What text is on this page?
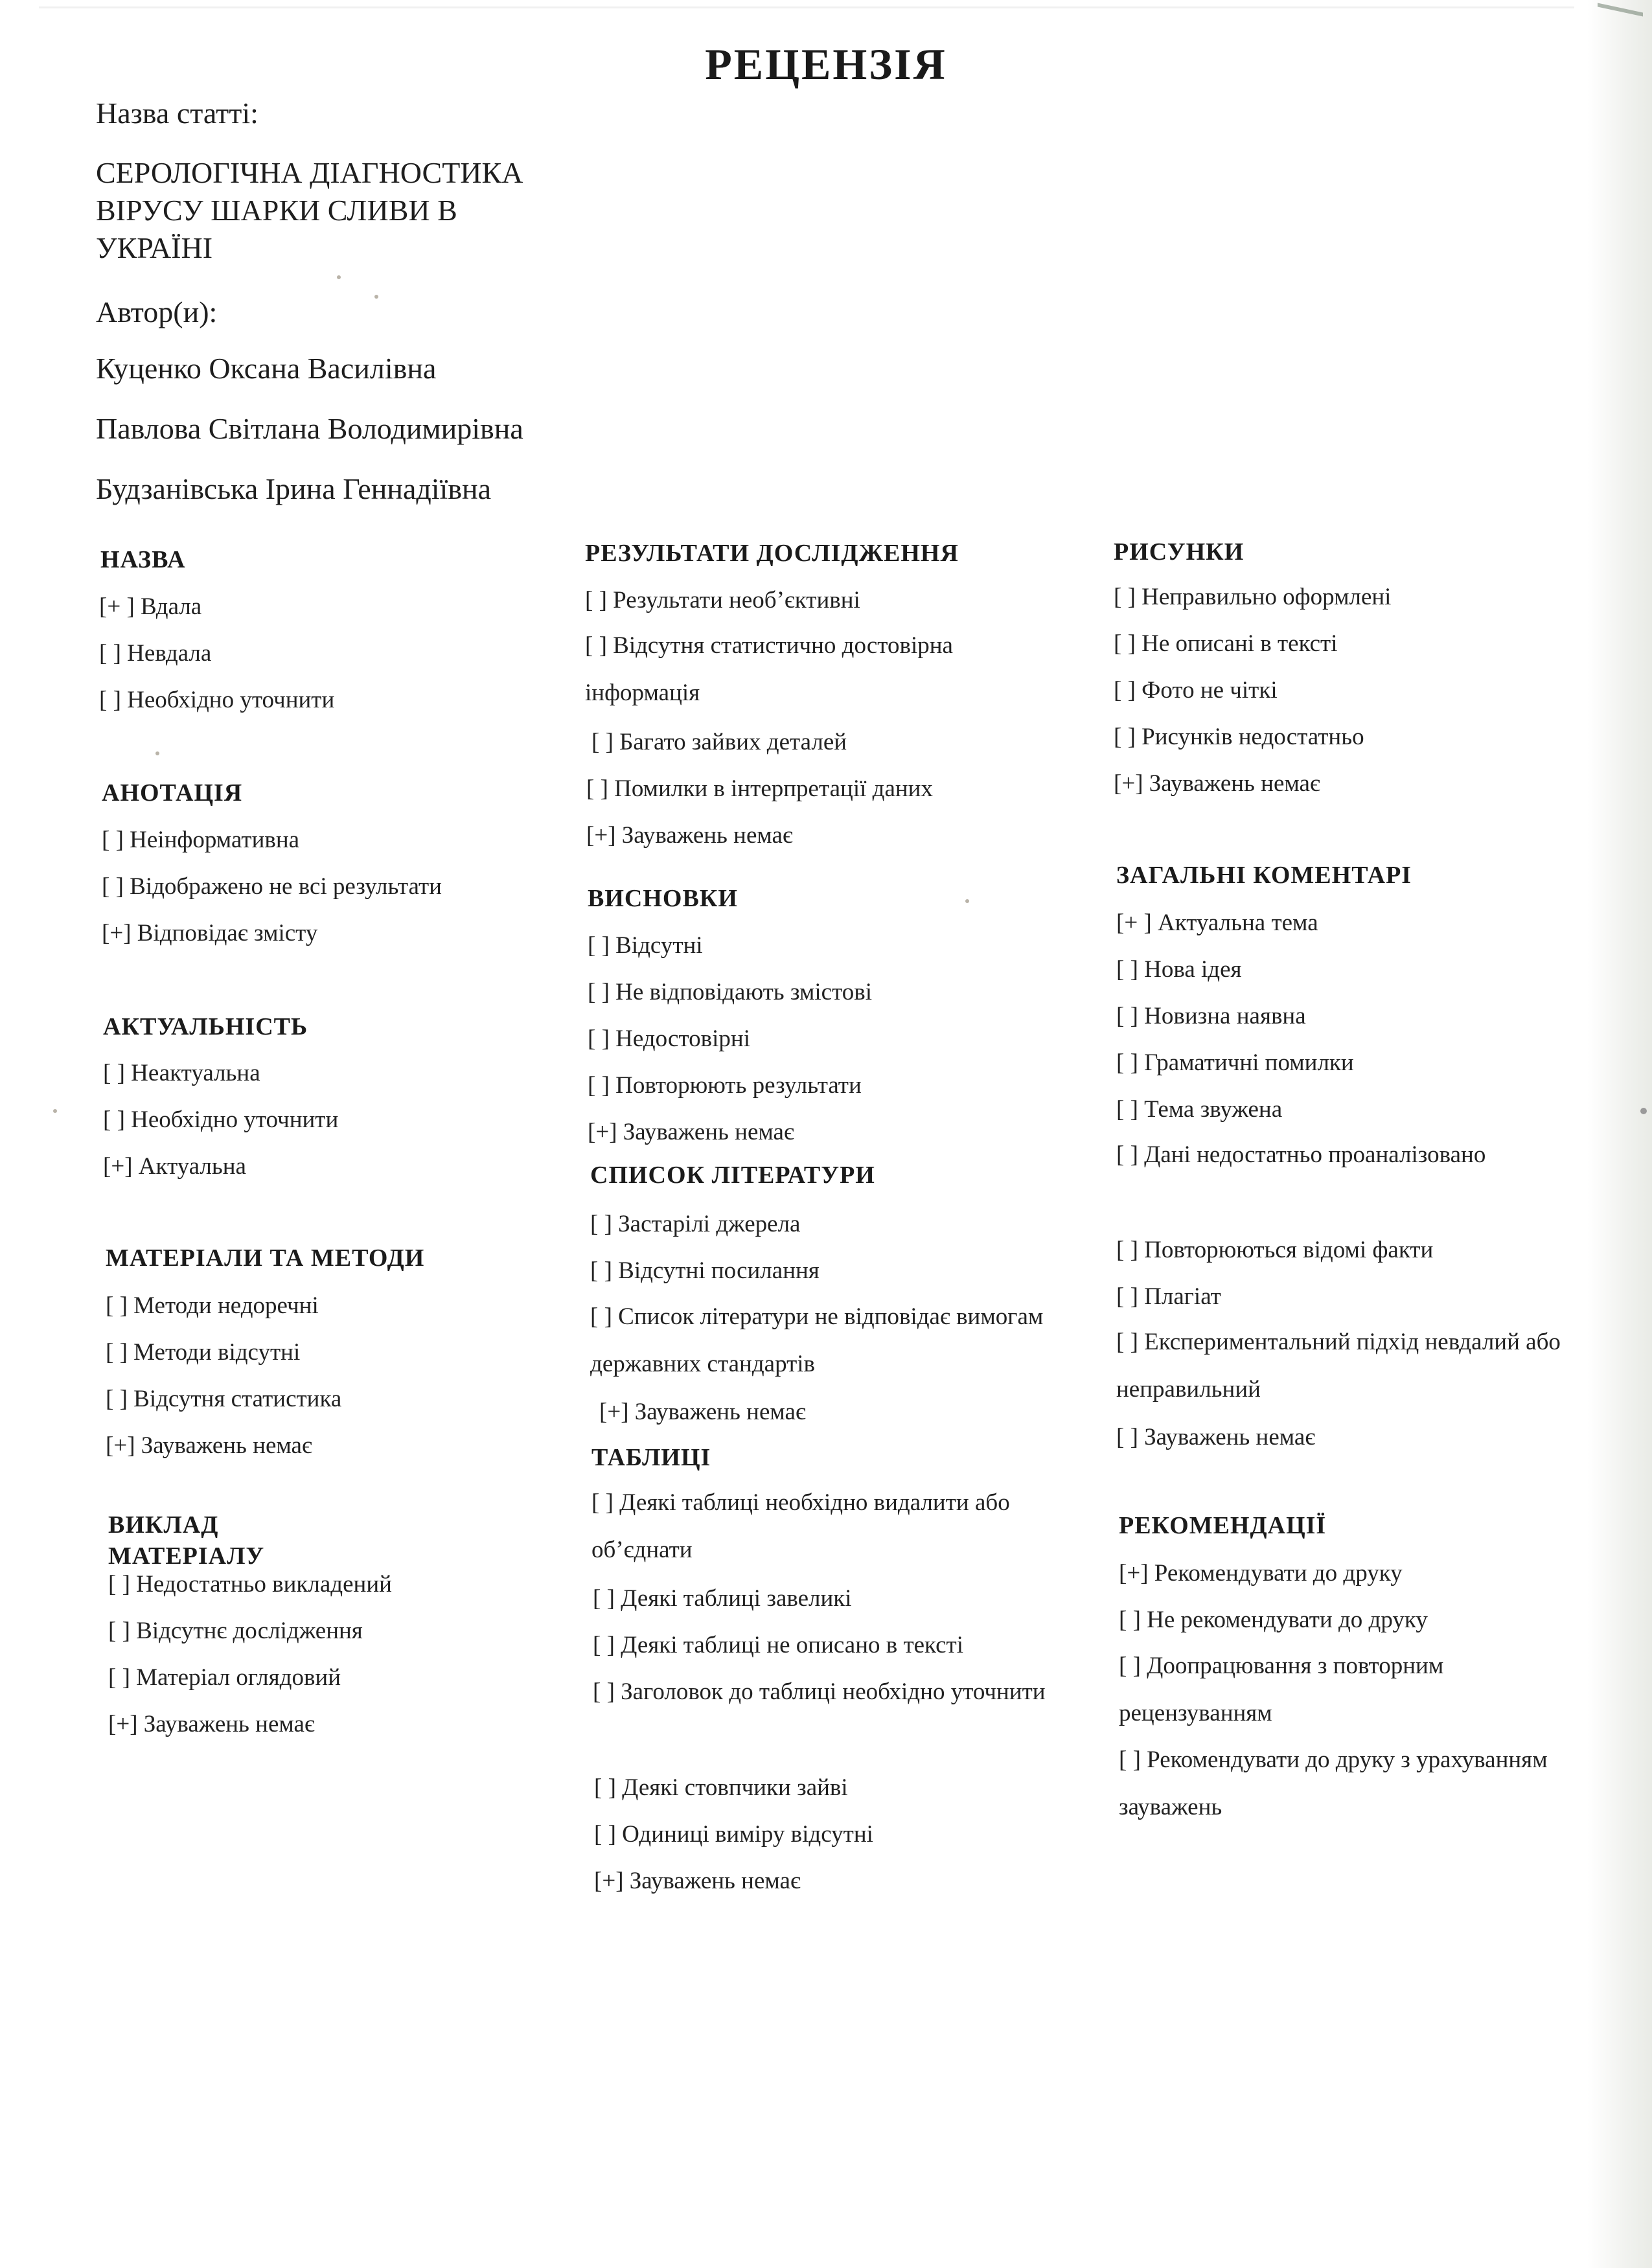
РЕЦЕНЗІЯ
Назва статті:
СЕРОЛОГІЧНА ДІАГНОСТИКА
ВІРУСУ ШАРКИ СЛИВИ В
УКРАЇНІ
Автор(и):
Куценко Оксана Василівна
Павлова Світлана Володимирівна
Будзанівська Ірина Геннадіївна
НАЗВА
[+ ] Вдала
[ ] Невдала
[ ] Необхідно уточнити
АНОТАЦІЯ
[ ] Неінформативна
[ ] Відображено не всі результати
[+] Відповідає змісту
АКТУАЛЬНІСТЬ
[ ] Неактуальна
[ ] Необхідно уточнити
[+] Актуальна
МАТЕРІАЛИ ТА МЕТОДИ
[ ] Методи недоречні
[ ] Методи відсутні
[ ] Відсутня статистика
[+] Зауважень немає
ВИКЛАД МАТЕРІАЛУ
[ ] Недостатньо викладений
[ ] Відсутнє дослідження
[ ] Матеріал оглядовий
[+] Зауважень немає
РЕЗУЛЬТАТИ ДОСЛІДЖЕННЯ
[ ] Результати необ’єктивні
[ ] Відсутня статистично достовірна інформація
[ ] Багато зайвих деталей
[ ] Помилки в інтерпретації даних
[+] Зауважень немає
ВИСНОВКИ
[ ] Відсутні
[ ] Не відповідають змістові
[ ] Недостовірні
[ ] Повторюють результати
[+] Зауважень немає
СПИСОК ЛІТЕРАТУРИ
[ ] Застарілі джерела
[ ] Відсутні посилання
[ ] Список літератури не відповідає вимогам державних стандартів
[+] Зауважень немає
ТАБЛИЦІ
[ ] Деякі таблиці необхідно видалити або об’єднати
[ ] Деякі таблиці завеликі
[ ] Деякі таблиці не описано в тексті
[ ] Заголовок до таблиці необхідно уточнити
[ ] Деякі стовпчики зайві
[ ] Одиниці виміру відсутні
[+] Зауважень немає
РИСУНКИ
[ ] Неправильно оформлені
[ ] Не описані в тексті
[ ] Фото не чіткі
[ ] Рисунків недостатньо
[+] Зауважень немає
ЗАГАЛЬНІ КОМЕНТАРІ
[+ ] Актуальна тема
[ ] Нова ідея
[ ] Новизна наявна
[ ] Граматичні помилки
[ ] Тема звужена
[ ] Дані недостатньо проаналізовано
[ ] Повторюються відомі факти
[ ] Плагіат
[ ] Експериментальний підхід невдалий або неправильний
[ ] Зауважень немає
РЕКОМЕНДАЦІЇ
[+] Рекомендувати до друку
[ ] Не рекомендувати до друку
[ ] Доопрацювання з повторним рецензуванням
[ ] Рекомендувати до друку з урахуванням зауважень
